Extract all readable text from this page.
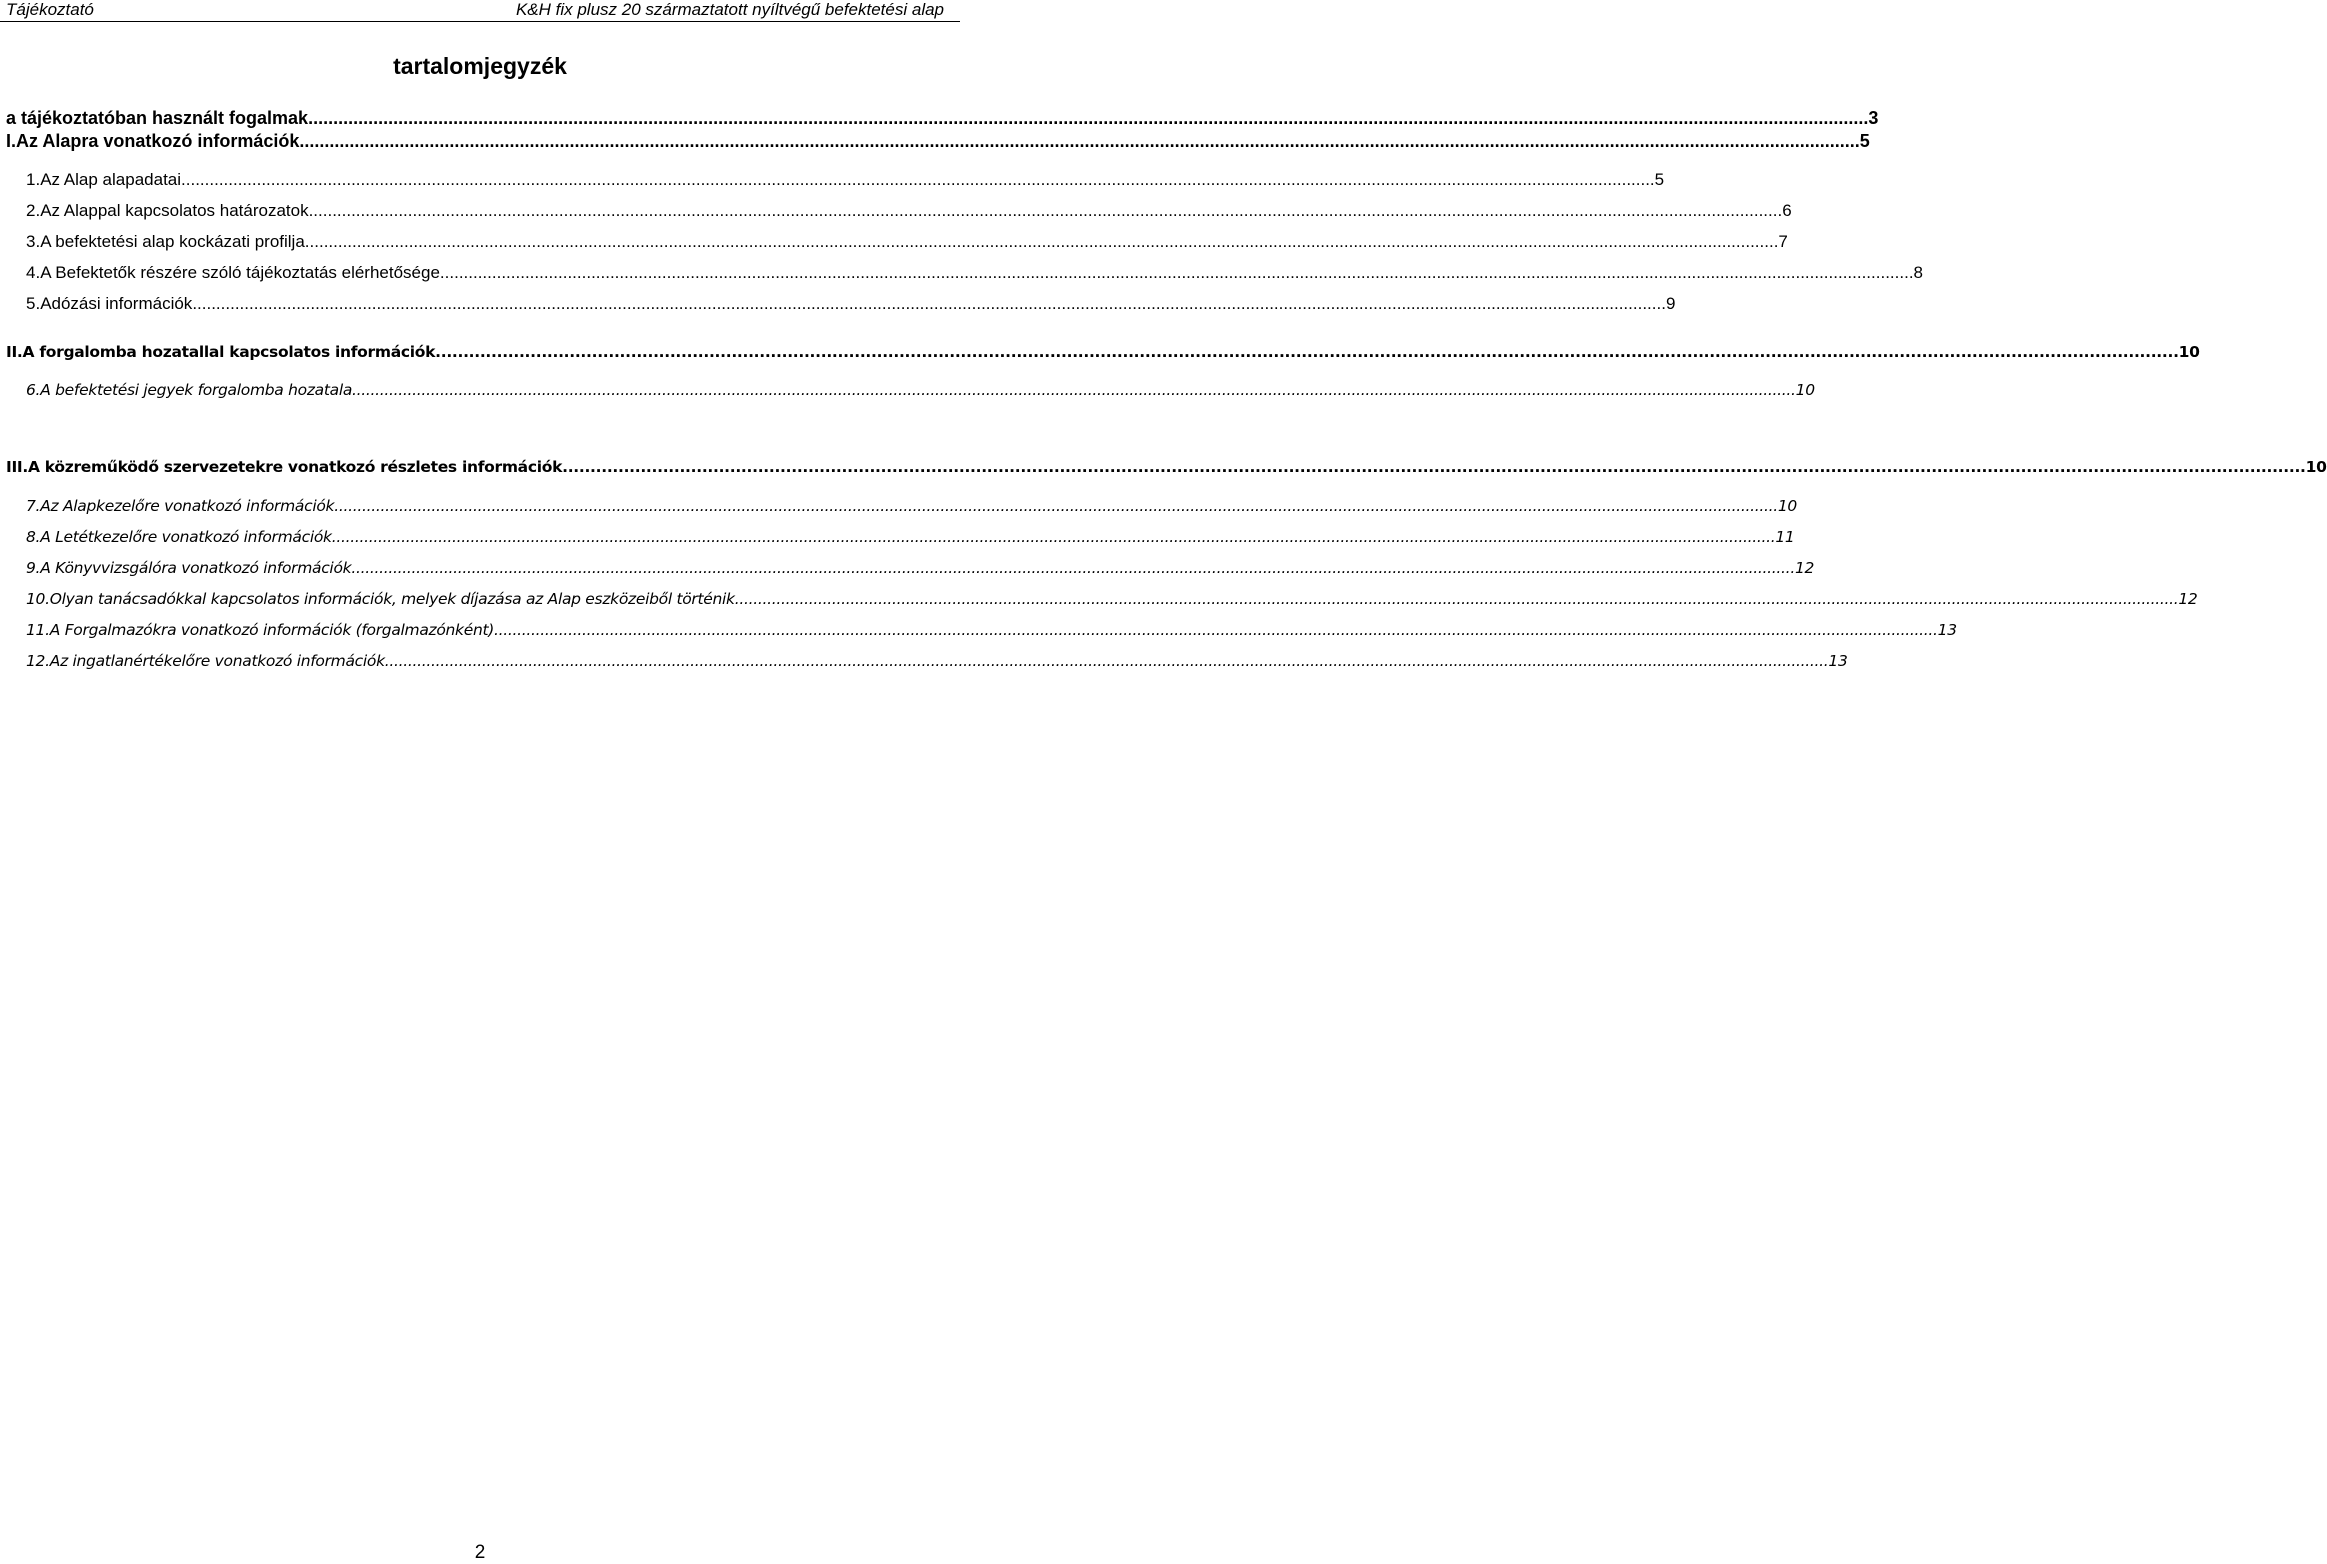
Tájékoztató	K&H fix plusz 20 származtatott nyíltvégű befektetési alap
tartalomjegyzék
a tájékoztatóban használt fogalmak .....	3
I. Az Alapra vonatkozó információk .....	5
1. Az Alap alapadatai .....	5
2. Az Alappal kapcsolatos határozatok .....	6
3. A befektetési alap kockázati profilja .....	7
4. A Befektetők részére szóló tájékoztatás elérhetősége .....	8
5. Adózási információk .....	9
II. A forgalomba hozatallal kapcsolatos információk .....	10
6. A befektetési jegyek forgalomba hozatala .....	10
III. A közreműködő szervezetekre vonatkozó részletes információk .....	10
7. Az Alapkezelőre vonatkozó információk .....	10
8. A Letétkezelőre vonatkozó információk .....	11
9. A Könyvvizsgálóra vonatkozó információk .....	12
10. Olyan tanácsadókkal kapcsolatos információk, melyek díjazása az Alap eszközeiből történik .....	12
11. A Forgalmazókra vonatkozó információk (forgalmazónként) .....	13
12. Az ingatlanértékelőre vonatkozó információk .....	13
2
